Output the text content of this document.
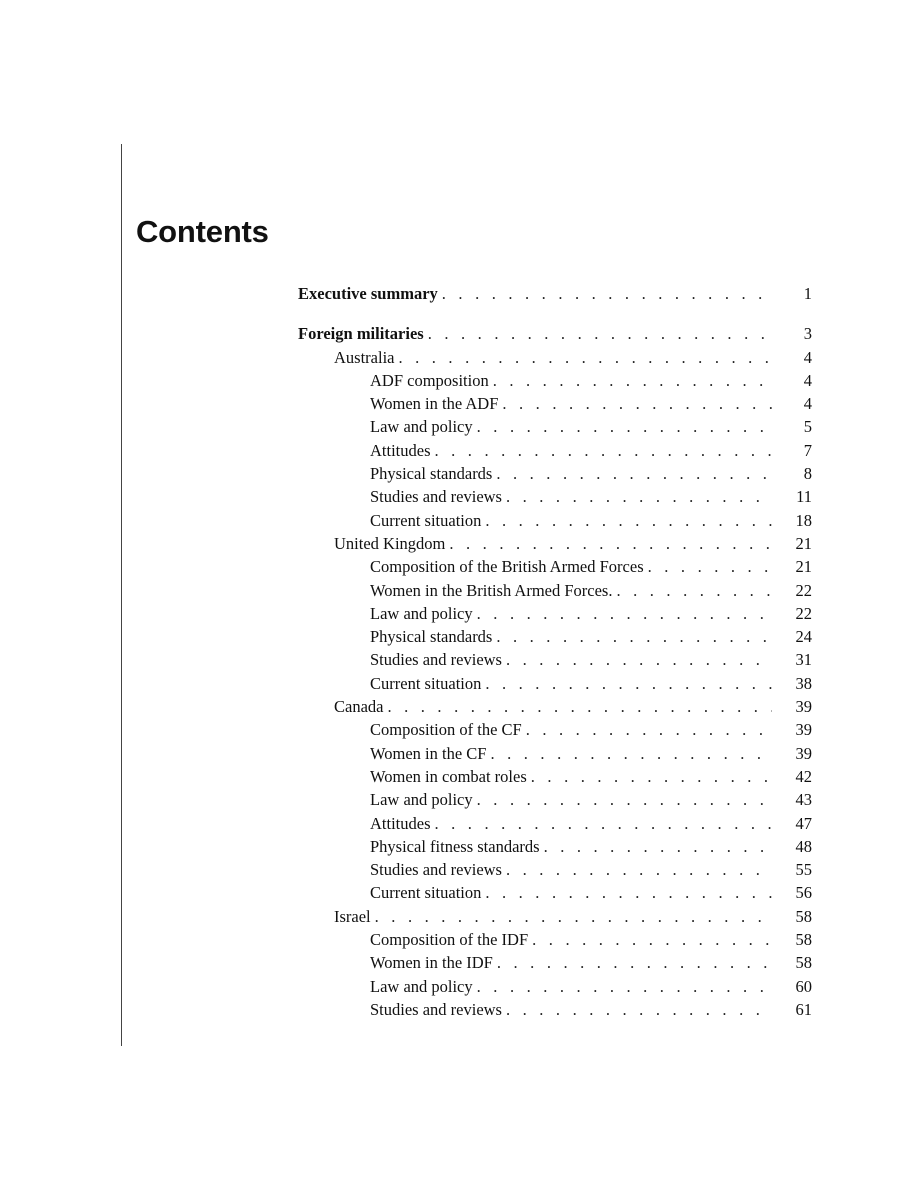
Contents
Executive summary . . .	1
Foreign militaries . . .	3
Australia . . .	4
ADF composition . . .	4
Women in the ADF . . .	4
Law and policy . . .	5
Attitudes . . .	7
Physical standards . . .	8
Studies and reviews . . .	11
Current situation . . .	18
United Kingdom . . .	21
Composition of the British Armed Forces . . .	21
Women in the British Armed Forces. . . .	22
Law and policy . . .	22
Physical standards . . .	24
Studies and reviews . . .	31
Current situation . . .	38
Canada . . .	39
Composition of the CF . . .	39
Women in the CF . . .	39
Women in combat roles . . .	42
Law and policy . . .	43
Attitudes . . .	47
Physical fitness standards . . .	48
Studies and reviews . . .	55
Current situation . . .	56
Israel . . .	58
Composition of the IDF . . .	58
Women in the IDF . . .	58
Law and policy . . .	60
Studies and reviews . . .	61
